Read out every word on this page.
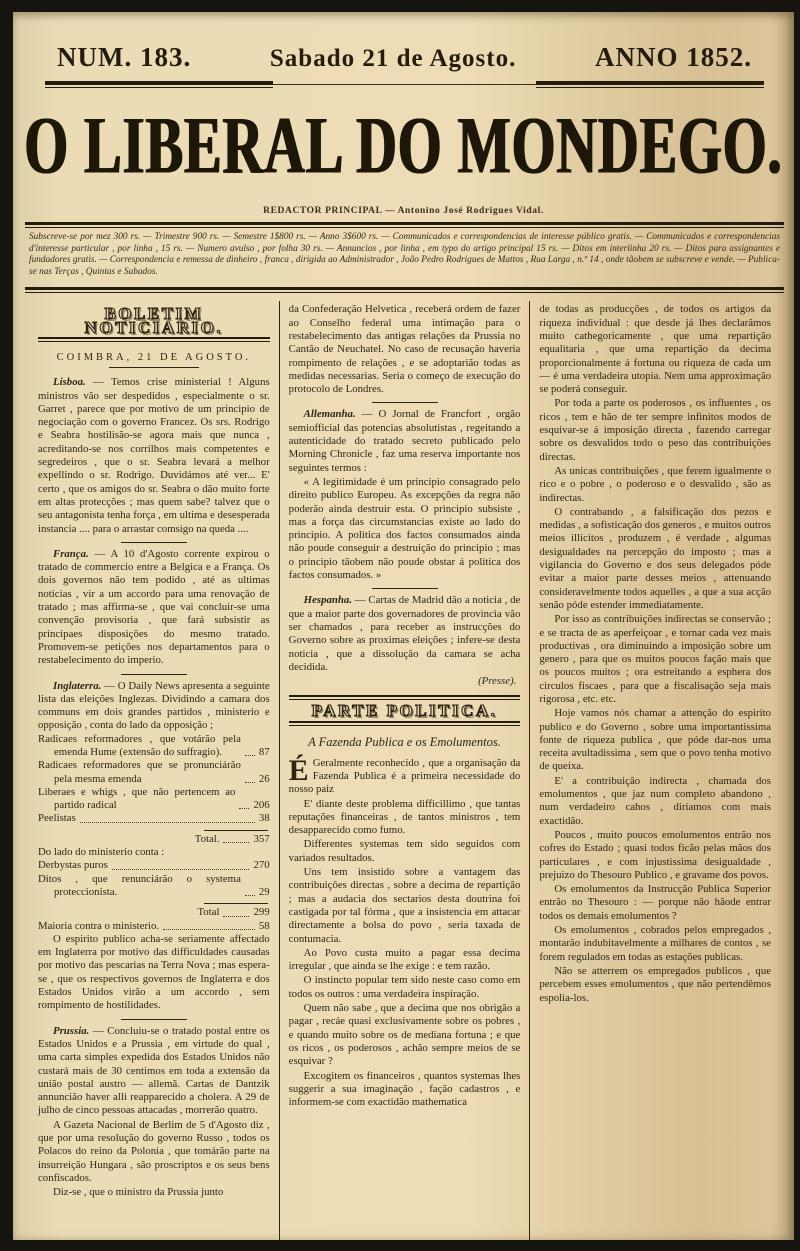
NUM. 183.	Sabado 21 de Agosto.	ANNO 1852.
O LIBERAL DO MONDEGO.
REDACTOR PRINCIPAL — Antonino José Rodrigues Vidal.
Subscreve-se por mez 300 rs. — Trimestre 900 rs. — Semestre 1$800 rs. — Anno 3$600 rs. — Communicados e correspondencias de interesse público gratis. — Communicados e correspondencias d'interesse particular , por linha , 15 rs. — Numero avulso , por folha 30 rs. — Annuncios , por linha , em typo do artigo principal 15 rs. — Ditos em interlinha 20 rs. — Ditos para assignantes e fundadores gratis. — Correspondencia e remessa de dinheiro , franca , dirigida ao Administrador , João Pedro Rodrigues de Mattos , Rua Larga , n.º 14 , onde tãobem se subscreve e vende. — Publica-se nas Terças , Quintas e Sabados.
BOLETIM NOTICIARIO.
COIMBRA, 21 DE AGOSTO.

Lisboa. — Temos crise ministerial ! Alguns ministros vão ser despedidos , especialmente o sr. Garret , parece que por motivo de um principio de negociação com o governo Francez. Os srs. Rodrigo e Seabra hostilisão-se agora mais que nunca , acreditando-se nos corrilhos mais competentes e segredeiros , que o sr. Seabra levará a melhor expellindo o sr. Rodrigo. Duvidámos até ver... E' certo , que os amigos do sr. Seabra o dão muito forte em altas protecções ; mas quem sabe? talvez que o seu antagonista tenha força , em ultima e desesperada instancia .... para o arrastar comsigo na queda ....

França. — A 10 d'Agosto corrente expirou o tratado de commercio entre a Belgica e a França. Os dois governos não tem podido , até as ultimas noticias , vir a um accordo para uma renovação de tratado ; mas affirma-se , que vai concluir-se uma convenção provisoria , que fará subsistir as principaes disposições do mesmo tratado. Promovem-se petições nos departamentos para o restabelecimento do imperio.

Inglaterra. — O Daily News apresenta a seguinte lista das eleições Inglezas. Dividindo a camara dos communs em dois grandes partidos , ministerio e opposição , conta do lado da opposição ;

Radicaes reformadores , que votárão pela emenda Hume (extensão do suffragio).	87
Radicaes reformadores que se pronunciárão pela mesma emenda	26
Liberaes e whigs , que não pertencem ao partido radical	206
Peelistas	38
Total.	357

Do lado do ministerio conta :

Derbystas puros	270
Ditos , que renunciárão o systema proteccionista.	29
Total	299
Maioria contra o ministerio.	58

O espirito publico acha-se seriamente affectado em Inglaterra por motivo das difficuldades causadas por motivo das pescarias na Terra Nova ; mas espera-se , que os respectivos governos de Inglaterra e dos Estados Unidos virão a um accordo , sem rompimento de hostilidades.

Prussia. — Concluiu-se o tratado postal entre os Estados Unidos e a Prussia , em virtude do qual , uma carta simples expedida dos Estados Unidos não custará mais de 30 centimos em toda a extensão da união postal austro — allemã. Cartas de Dantzik annuncião haver alli reapparecido a cholera. A 29 de julho de cinco pessoas attacadas , morrerão quatro.

A Gazeta Nacional de Berlim de 5 d'Agosto diz , que por uma resolução do governo Russo , todos os Polacos do reino da Polonia , que tomárão parte na insurreição Hungara , são proscriptos e os seus bens confiscados.

Diz-se , que o ministro da Prussia junto

da Confederação Helvetica , receberá ordem de fazer ao Conselho federal uma intimação para o restabelecimento das antigas relações da Prussia no Cantão de Neuchatel. No caso de recusação haveria rompimento de relações , e se adoptarião todas as medidas necessarias. Seria o começo de execução do protocolo de Londres.

Allemanha. — O Jornal de Francfort , orgão semiofficial das potencias absolutistas , regeitando a autenticidade do tratado secreto publicado pelo Morning Chronicle , faz uma reserva importante nos seguintes termos :

« A legitimidade é um principio consagrado pelo direito publico Europeu. As excepções da regra não poderão ainda destruir esta. O principio subsiste , mas a força das circumstancias existe ao lado do principio. A politica dos factos consumados ainda não poude conseguir a destruição do principio ; mas o principio tãobem não poude obstar á politica dos factos consumados. »

Hespanha. — Cartas de Madrid dão a noticia , de que a maior parte dos governadores de provincia vão ser chamados , para receber as instrucções do Governo sobre as proximas eleições ; infere-se desta noticia , que a dissolução da camara se acha decidida.

(Presse).
PARTE POLITICA.
A Fazenda Publica e os Emolumentos.

É Geralmente reconhecido , que a organisação da Fazenda Publica é a primeira necessidade do nosso paiz

E' diante deste problema difficillimo , que tantas reputações financeiras , de tantos ministros , tem desapparecido como fumo.

Differentes systemas tem sido seguidos com variados resultados.

Uns tem insistido sobre a vantagem das contribuições directas , sobre a decima de repartição ; mas a audacia dos sectarios desta doutrina foi castigada por tal fórma , que a insistencia em attacar directamente a bolsa do povo , seria taxada de contumacia.

Ao Povo custa muito a pagar essa decima irregular , que ainda se lhe exige : e tem razão.

O instincto popular tem sido neste caso como em todos os outros : uma verdadeira inspiração.

Quem não sabe , que a decima que nos obrigão a pagar , recáe quasi exclusivamente sobre os pobres , e quando muito sobre os de mediana fortuna ; e que os ricos , os poderosos , achão sempre meios de se esquivar ?

Excogitem os financeiros , quantos systemas lhes suggerir a sua imaginação , fação cadastros , e informem-se com exactidão mathematica

de todas as producções , de todos os artigos da riqueza individual : que desde já lhes declarâmos muito cathegoricamente , que uma repartição equalitaria , que uma repartição da decima proporcionalmente á fortuna ou riqueza de cada um — é uma verdadeira utopia. Nem uma approximação se poderá conseguir.

Por toda a parte os poderosos , os influentes , os ricos , tem e hão de ter sempre infinitos modos de esquivar-se á imposição directa , fazendo carregar sobre os desvalidos todo o peso das contribuições directas.

As unicas contribuições , que ferem igualmente o rico e o pobre , o poderoso e o desvalido , são as indirectas.

O contrabando , a falsificação dos pezos e medidas , a sofisticação dos generos , e muitos outros meios illicitos , produzem , é verdade , algumas desigualdades na percepção do imposto ; mas a vigilancia do Governo e dos seus delegados póde evitar a maior parte desses meios , attenuando consideravelmente todos aquelles , a que a sua acção senão póde estender immediatamente.

Por isso as contribuições indirectas se conservão ; e se tracta de as aperfeiçoar , e tornar cada vez mais productivas , ora diminuindo a imposição sobre um genero , para que os muitos poucos fação mais que os poucos muitos ; ora estreitando a esphera dos circulos fiscaes , para que a fiscalisação seja mais rigorosa , etc. etc.

Hoje vamos nós chamar a attenção do espirito publico e do Governo , sobre uma importantissima fonte de riqueza publica , que póde dar-nos uma receita avultadissima , sem que o povo tenha motivo de queixa.

E' a contribuição indirecta , chamada dos emolumentos , que jaz num completo abandono , num verdadeiro cahos , diriamos com mais exactidão.

Poucos , muito poucos emolumentos entrão nos cofres do Estado ; quasi todos ficão pelas mãos dos particulares , e com injustissima desigualdade , prejuizo do Thesouro Publico , e gravame dos povos.

Os emolumentos da Instrucção Publica Superior entrão no Thesouro : — porque não hãode entrar todos os demais emolumentos ?

Os emolumentos , cobrados pelos empregados , montarão indubitavelmente a milhares de contos , se forem regulados em todas as estações publicas.

Não se atterrem os empregados publicos , que percebem esses emolumentos , que não pertendêmos espolia-los.
